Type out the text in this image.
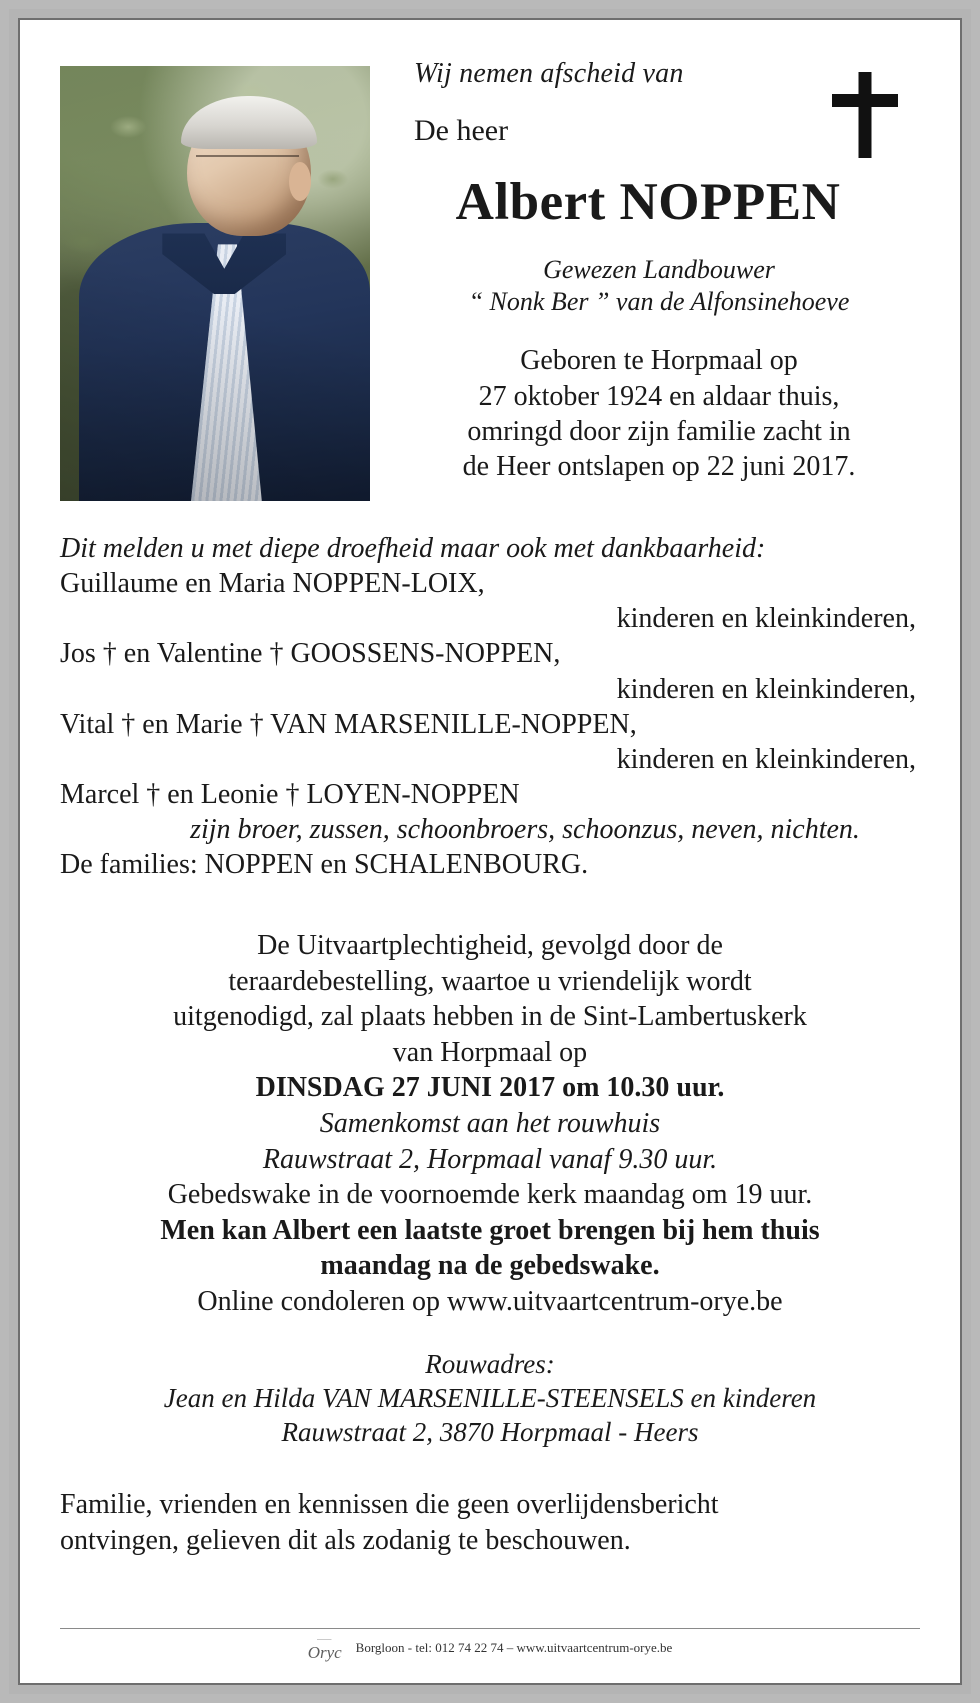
Wij nemen afscheid van
De heer
Albert NOPPEN
Gewezen Landbouwer
“ Nonk Ber ” van de Alfonsinehoeve
Geboren te Horpmaal op
27 oktober 1924 en aldaar thuis,
omringd door zijn familie zacht in
de Heer ontslapen op 22 juni 2017.
Dit melden u met diepe droefheid maar ook met dankbaarheid:
Guillaume en Maria NOPPEN-LOIX,
kinderen en kleinkinderen,
Jos † en Valentine † GOOSSENS-NOPPEN,
kinderen en kleinkinderen,
Vital † en Marie † VAN MARSENILLE-NOPPEN,
kinderen en kleinkinderen,
Marcel † en Leonie † LOYEN-NOPPEN
zijn broer, zussen, schoonbroers, schoonzus, neven, nichten.
De families: NOPPEN en SCHALENBOURG.
De Uitvaartplechtigheid, gevolgd door de
teraardebestelling, waartoe u vriendelijk wordt
uitgenodigd, zal plaats hebben in de Sint-Lambertuskerk
van Horpmaal op
DINSDAG 27 JUNI 2017 om 10.30 uur.
Samenkomst aan het rouwhuis
Rauwstraat 2, Horpmaal vanaf 9.30 uur.
Gebedswake in de voornoemde kerk maandag om 19 uur.
Men kan Albert een laatste groet brengen bij hem thuis
maandag na de gebedswake.
Online condoleren op www.uitvaartcentrum-orye.be
Rouwadres:
Jean en Hilda VAN MARSENILLE-STEENSELS en kinderen
Rauwstraat 2, 3870 Horpmaal - Heers
Familie, vrienden en kennissen die geen overlijdensbericht
ontvingen, gelieven dit als zodanig te beschouwen.
⸺
Oryc Borgloon - tel: 012 74 22 74 – www.uitvaartcentrum-orye.be
